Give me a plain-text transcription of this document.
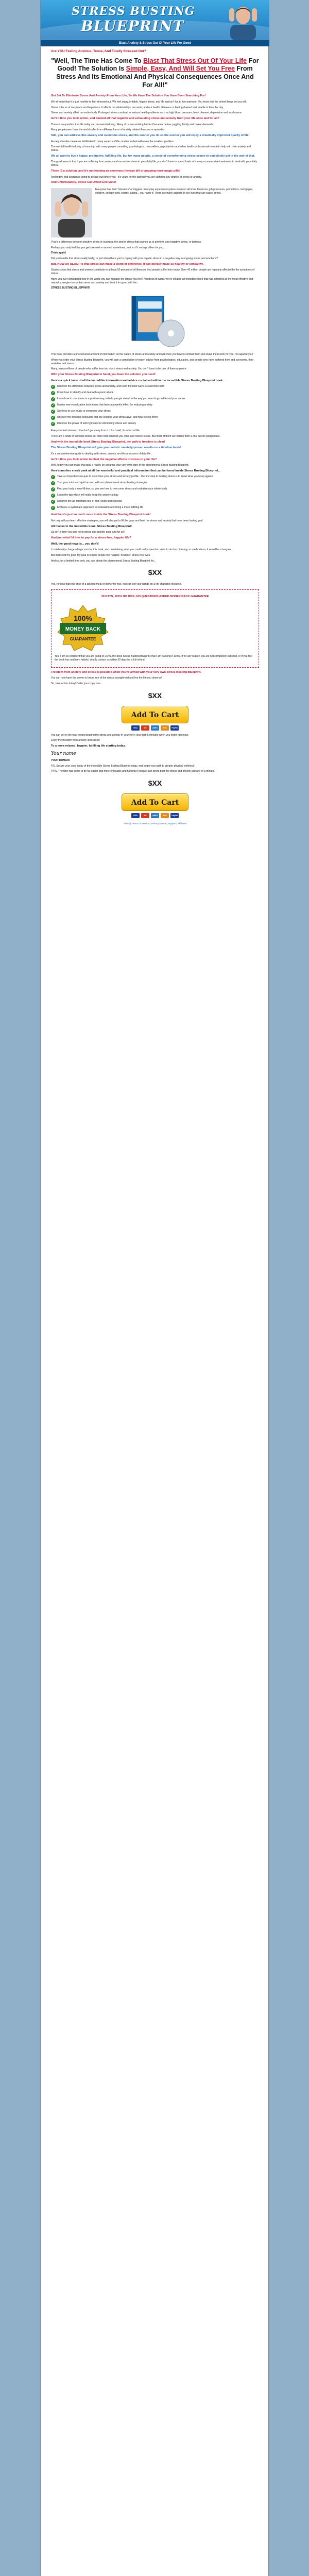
STRESS BUSTING
BLUEPRINT
Blast Anxiety & Stress Out Of Your Life For Good
Are YOU Feeling Anxious, Tense, And Totally Stressed Out?
"Well, The Time Has Come To Blast That Stress Out Of Your Life For Good! The Solution Is Simple, Easy, And Will Set You Free From Stress And Its Emotional And Physical Consequences Once And For All!"
Get Set To Eliminate Stress And Anxiety From Your Life, So We Have The Solution You Have Been Searching For!

We all know that it is just horrible to feel stressed out. We feel angry, irritable, fidgety, tense, and life just isn't fun to live anymore. You know that the tiniest things set you off.

Stress robs us of our peace and happiness. It affects our relationships, our work, and our health. It leaves us feeling drained and unable to face the day.

Stress and anxiety affect our entire body. Prolonged stress can lead to serious health problems such as high blood pressure, heart disease, depression and much more.

Isn't it time you took action, and blasted all that negative and exhausting stress and anxiety from your life once and for all?

There is no question that life today can be overwhelming. Many of us are working harder than ever before, juggling family and career demands.

Many people even have the world suffer from different forms of anxiety related illnesses or episodes...

Still, you can address this anxiety and overcome stress, and the sooner you do so the sooner you will enjoy a drastically improved quality of life!

Anxiety disorders leave us debilitated in many aspects of life, unable to deal with even the smallest problem.

The mental health industry is booming, with many people consulting psychologists, counsellors, psychiatrists and other health professionals to obtain help with their anxiety and stress.

We all want to live a happy, productive, fulfilling life, but for many people, a sense of overwhelming stress seems to completely get in the way of that.

The good news is that if you are suffering from anxiety and excessive stress in your daily life, you don't have to spend loads of money on expensive treatments to deal with your daily stress.

There IS a solution, and it's not hosting an enormous therapy bill or popping more magic pills!

And today, that solution is going to be laid out before you - it's yours for the taking if you are suffering any degree of stress or anxiety.

And Unfortunately, Stress Can Affect Everyone!

Everyone has their "stressors" or triggers. Everyday experiences place strain on all of us. Finances, job pressures, promotions, mortgages, children, college fund, exams, dating... you name it. There are many aspects to our lives that can cause stress.

That's a difference between positive stress or eustress, the kind of stress that pushes us to perform, and negative stress, or distress.

Perhaps you only feel like you get stressed or worried sometimes, and so it's not a problem for you...

Think again!

Did you handle that stress really badly, or just when there you're coping with your regular stress in a negative way in ongoing stress and emotions?

But, HOW we REACT to that stress can make a world of difference. It can literally make us healthy or unhealthy.

Studies show that stress and anxiety contribute to at least 50 percent of all illnesses that people suffer from today. Over 43 million people are regularly affected by the symptoms of stress.

Have you ever considered how in the world you can manage the stress you feel? Needless to worry, we've created an incredible book that has compiled all the most effective and natural strategies to combat stress and anxiety and beat it for good with the...

STRESS BUSTING BLUEPRINT!

This book provides a phenomenal amount of information on the nature of stress and anxiety and will show you how to combat them and make them work for you, not against you!

When you order your Stress Busting Blueprint, you will gain a compilation of expert advice from psychologists, educators, and people who have suffered from and overcome, their anxieties and stress.

Many, many millions of people who suffer from too much stress and anxiety. You don't have to be one of them anymore.

With your Stress Busting Blueprint in hand, you have the solution you need!
Here's a quick taste of all the incredible information and advice contained within the incredible Stress Busting Blueprint book...
✓ Discover the difference between stress and anxiety, and learn the best ways to overcome both
✓ Know how to identify and deal with a panic attack
✓ Learn how to use stress in a positive way, to help you get ahead in the way you want to go in life and your career
✓ Master new visualization techniques that have a powerful effect for reducing anxiety
✓ See how to use music to overcome your stress
✓ Uncover the blocking behaviors that are keeping your stress alive, and how to stop them
✓ Discover the power of self-hypnosis for eliminating stress and anxiety

Everyone feel stressed. You don't get away from it. Like I said, it's a fact of life.

There are 6 kinds of self-help books out there that can help you relax and relieve stress. But most of them are written from a one person perspective.

And with the incredible book Stress Busting Blueprint, the path to freedom is clear!
The Stress Busting Blueprint will give you realistic mentally-proven results on a timeline basis!

It's a comprehensive guide to dealing with stress, anxiety, and the pressures of daily life...

Isn't it time you took action to blast the negative effects of stress in your life?

Well, today you can make that goal a reality, by securing your very own copy of the phenomenal Stress Busting Blueprint.

Here's another sneak peek at all the wonderful and practical information that can be found inside Stress Busting Blueprint...
✓ Take a comprehensive quiz to determine your stress and anxiety profile... the first step to beating stress is to know what you're up against
✓ Turn your mind and spirit around with our phenomenal stress busting strategies
✓ Find your body a new fill-box, so you see how to overcome stress and revitalize your whole body
✓ Learn the tips which will really keep the anxiety at bay
✓ Discover the all-important role of diet, sleep and exercise
✓ Embrace a systematic approach for relaxation and living a more fulfilling life
And there's just so much more inside the Stress Busting Blueprint book!

Not only will you learn effective strategies, you will also get to fill the gaps and beat the stress and anxiety that have been hurting you!

All thanks to the incredible book, Stress Busting Blueprint!

So isn't it time you said no to stress and anxiety once and for all?

And just what I'd love to pay for a stress-free, happier life?
Well, the good news is... you don't!

I could easily charge a large sum for this book, and considering what you could really spend on visits to doctors, therapy, or medications, it would be a bargain.

But that's not my goal. My goal is to help people live happier, healthier, stress-free lives.

And so, for a limited time only, you can obtain the phenomenal Stress Busting Blueprint for...

$XX

Yes, for less than the price of a takeout meal or dinner for two, you can get your hands on a life-changing resource.

30 DAYS, 100% NO RISK, NO QUESTIONS ASKED MONEY-BACK GUARANTEE
100%
MONEY BACK
GUARANTEE

Yes, I am so confident that you are going to LOVE the book Stress Busting Blueprint that I am backing it 100%. If for any reason you are not completely satisfied, or if you feel the book has not been helpful, simply contact us within 30 days for a full refund.

Freedom from anxiety and stress is possible when you're armed with your very own Stress Busting Blueprint.

You can now have the power to break free of the stress stranglehold and live the life you deserve!

So, take action today! Order your copy now...

$XX
Add To Cart
VISA	MC	AMEX	DISC	PayPal

You can be on the way toward beating the stress and anxiety in your life in less than 5 minutes when you order right now.

Enjoy the freedom from anxiety and stress!

To a more relaxed, happier, fulfilling life starting today,
Your name

YOUR DOMAIN

P.S. Secure your copy today of the incredible Stress Busting Blueprint today, and begin your path to greater physical wellness!

P.P.S. The time has come to be far easier and more enjoyable and fulfilling if you just can get to beat the stress and anxiety just any of a minute?

$XX
Add To Cart
VISA	MC	AMEX	DISC	PayPal
About | Terms Of Service | Privacy Notice | Support | Affiliates
